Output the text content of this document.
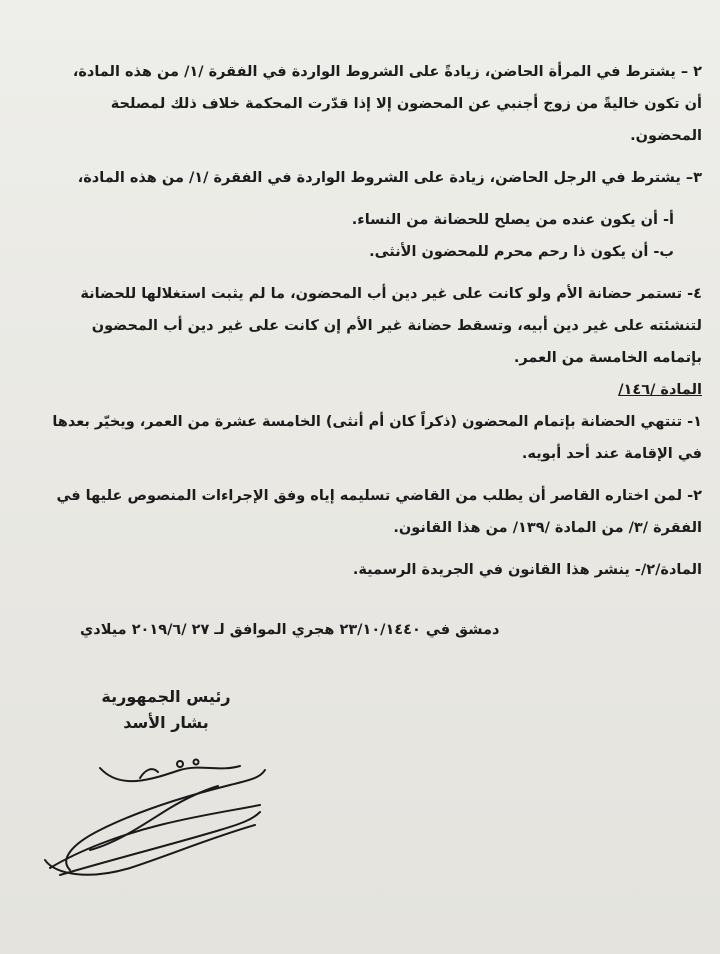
٢ – يشترط في المرأة الحاضن، زيادةً على الشروط الواردة في الفقرة /١/ من هذه المادة، أن تكون خاليةً من زوج أجنبي عن المحضون إلا إذا قدّرت المحكمة خلاف ذلك لمصلحة المحضون.

٣– يشترط في الرجل الحاضن، زيادة على الشروط الواردة في الفقرة /١/ من هذه المادة،

أ- أن يكون عنده من يصلح للحضانة من النساء.

ب- أن يكون ذا رحم محرم للمحضون الأنثى.

٤- تستمر حضانة الأم ولو كانت على غير دين أب المحضون، ما لم يثبت استغلالها للحضانة لتنشئته على غير دين أبيه، وتسقط حضانة غير الأم إن كانت على غير دين أب المحضون بإتمامه الخامسة من العمر.

المادة /١٤٦/

١- تنتهي الحضانة بإتمام المحضون (ذكراً كان أم أنثى) الخامسة عشرة من العمر، ويخيّر بعدها في الإقامة عند أحد أبويه.

٢- لمن اختاره القاصر أن يطلب من القاضي تسليمه إياه وفق الإجراءات المنصوص عليها في الفقرة /٣/ من المادة /١٣٩/ من هذا القانون.

المادة/٢/- ينشر هذا القانون في الجريدة الرسمية.

دمشق في ٢٣/١٠/١٤٤٠ هجري الموافق لـ ٢٧ /٢٠١٩/٦ ميلادي
رئيس الجمهورية
بشار الأسد
